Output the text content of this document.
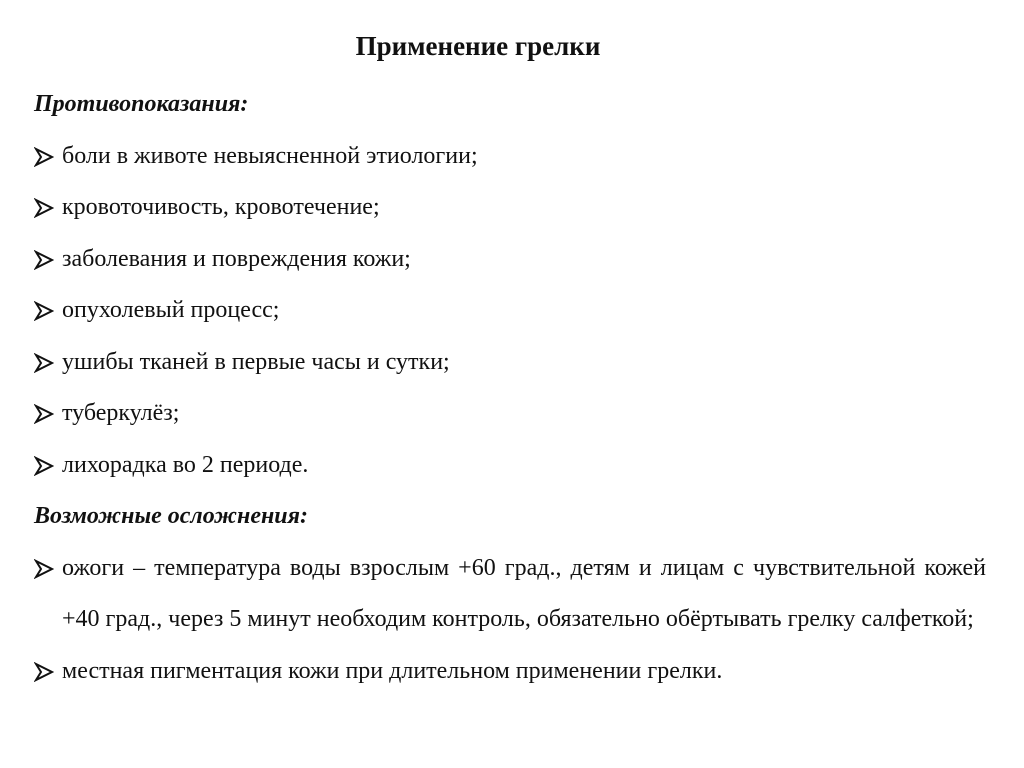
Применение грелки

Противопоказания:

боли в животе невыясненной этиологии;
кровоточивость, кровотечение;
заболевания и повреждения кожи;
опухолевый процесс;
ушибы тканей в первые часы и сутки;
туберкулёз;
лихорадка во 2 периоде.

Возможные осложнения:

ожоги – температура воды взрослым +60 град., детям и лицам с чувствительной кожей +40 град., через 5 минут необходим контроль, обязательно обёртывать грелку салфеткой;
местная пигментация кожи при длительном применении грелки.
